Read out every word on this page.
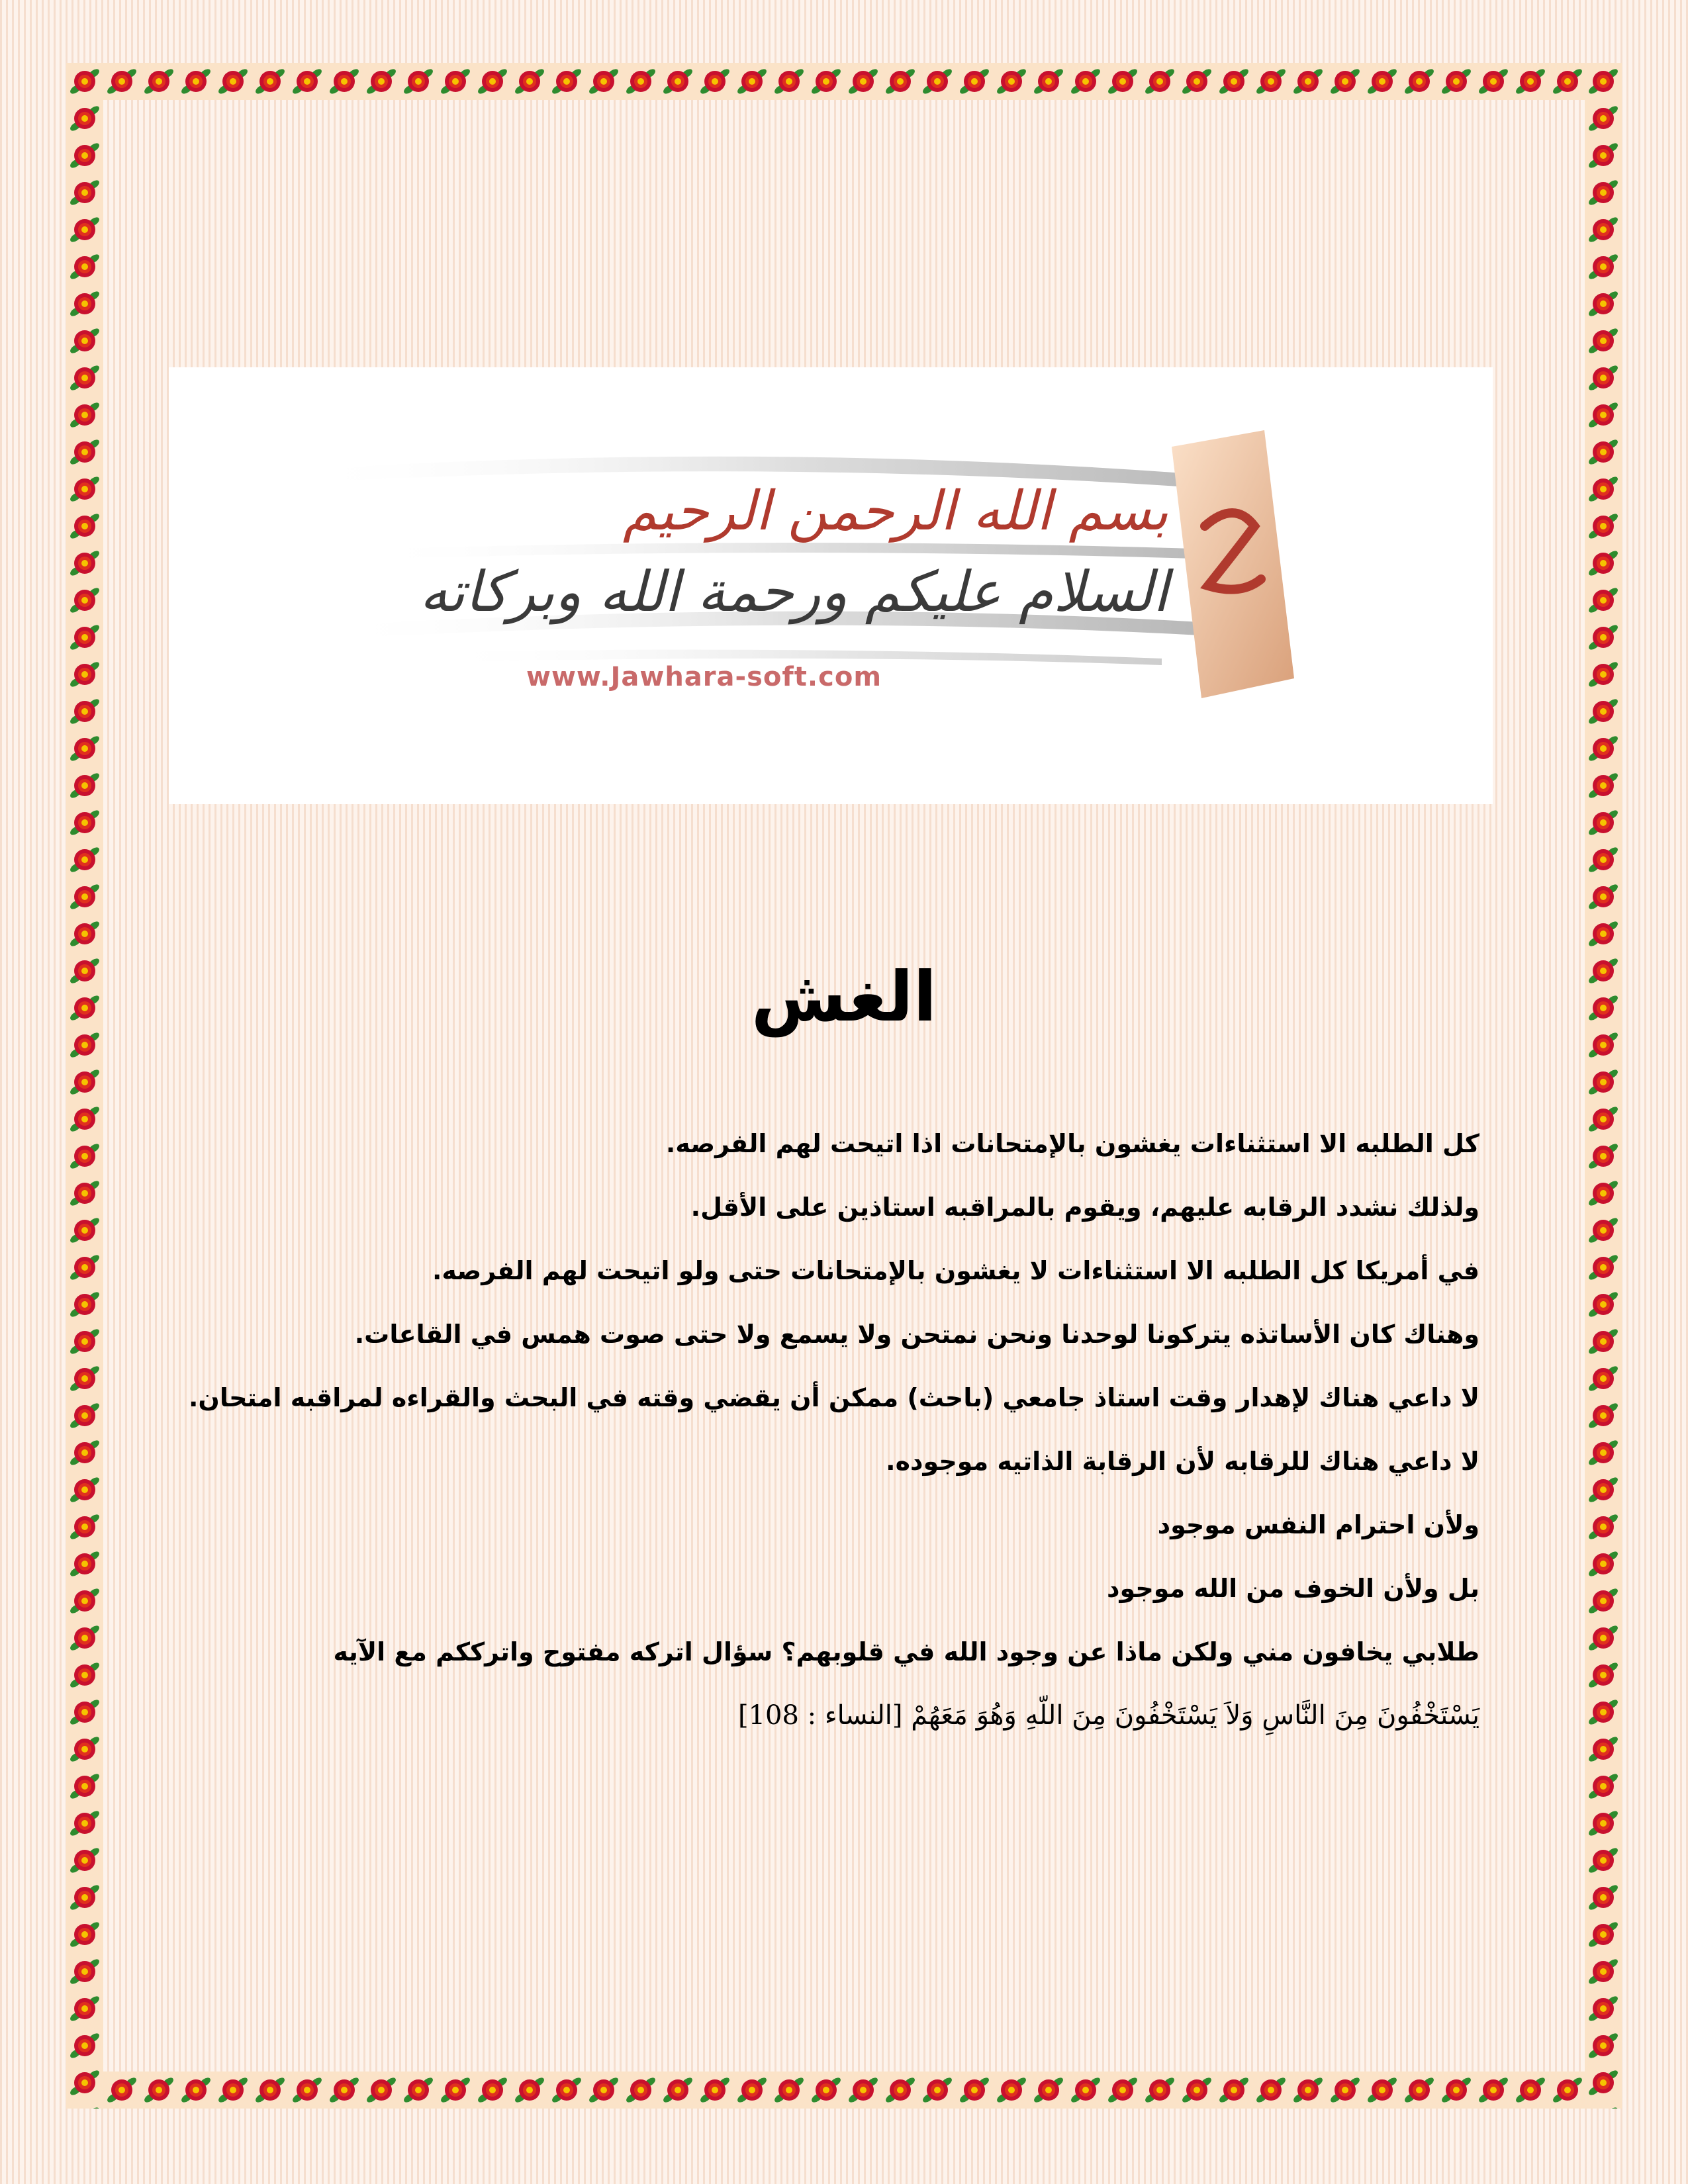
بسم الله الرحمن الرحيم
السلام عليكم ورحمة الله وبركاته
www.Jawhara-soft.com
الغش

كل الطلبه الا استثناءات يغشون بالإمتحانات اذا اتيحت لهم الفرصه.

ولذلك نشدد الرقابه عليهم، ويقوم بالمراقبه استاذين على الأقل.

في أمريكا كل الطلبه الا استثناءات لا يغشون بالإمتحانات حتى ولو اتيحت لهم الفرصه.

وهناك كان الأساتذه يتركونا لوحدنا ونحن نمتحن ولا يسمع ولا حتى صوت همس في القاعات.

لا داعي هناك لإهدار وقت استاذ جامعي (باحث) ممكن أن يقضي وقته في البحث والقراءه لمراقبه امتحان.

لا داعي هناك للرقابه لأن الرقابة الذاتيه موجوده.

ولأن احترام النفس موجود

بل ولأن الخوف من الله موجود

طلابي يخافون مني ولكن ماذا عن وجود الله في قلوبهم؟ سؤال اتركه مفتوح واترككم مع الآيه

يَسْتَخْفُونَ مِنَ النَّاسِ وَلاَ يَسْتَخْفُونَ مِنَ اللّهِ وَهُوَ مَعَهُمْ [النساء : 108]
